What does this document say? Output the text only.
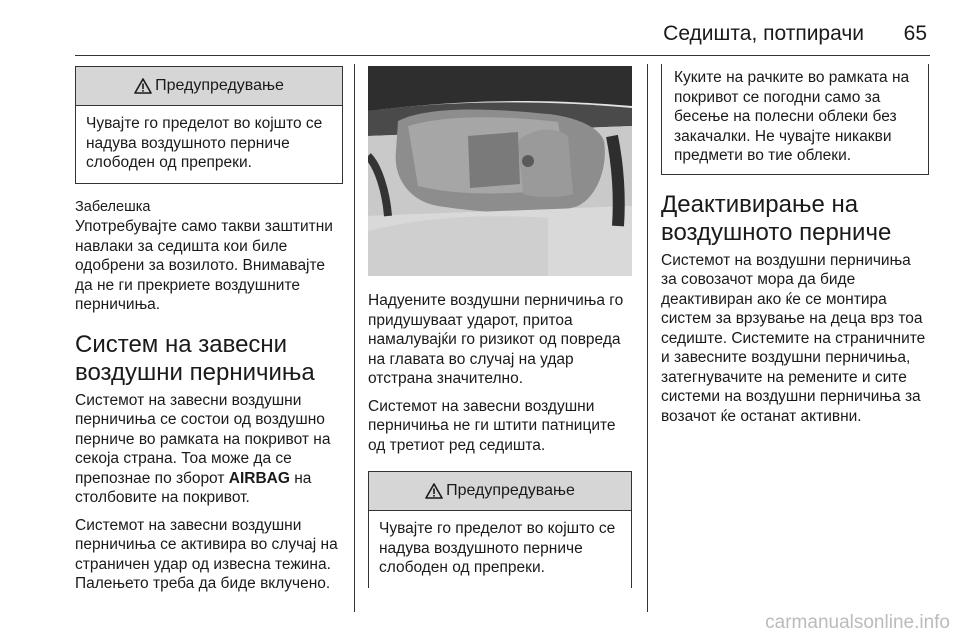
Седишта, потпирачи 65
Предупредување
Чувајте го пределот во којшто се надува воздушното перниче слободен од препреки.
Забелешка

Употребувајте само такви заштитни навлаки за седишта кои биле одобрени за возилото. Внимавајте да не ги прекриете воздушните перничиња.

Систем на завесни воздушни перничиња

Системот на завесни воздушни перничиња се состои од воздушно перниче во рамката на покривот на секоја страна. Тоа може да се препознае по зборот AIRBAG на столбовите на покривот.

Системот на завесни воздушни перничиња се активира во случај на страничен удар од извесна тежина. Палењето треба да биде вклучено.

Надуените воздушни перничиња го придушуваат ударот, притоа намалувајќи го ризикот од повреда на главата во случај на удар отстрана значително.

Системот на завесни воздушни перничиња не ги штити патниците од третиот ред седишта.

Предупредување
Чувајте го пределот во којшто се надува воздушното перниче слободен од препреки.
Куките на рачките во рамката на покривот се погодни само за бесење на полесни облеки без закачалки. Не чувајте никакви предмети во тие облеки.
Деактивирање на воздушното перниче

Системот на воздушни перничиња за совозачот мора да биде деактивиран ако ќе се монтира систем за врзување на деца врз тоа седиште. Системите на страничните и завесните воздушни перничиња, затегнувачите на ремените и сите системи на воздушни перничиња за возачот ќе останат активни.

carmanualsonline.info
